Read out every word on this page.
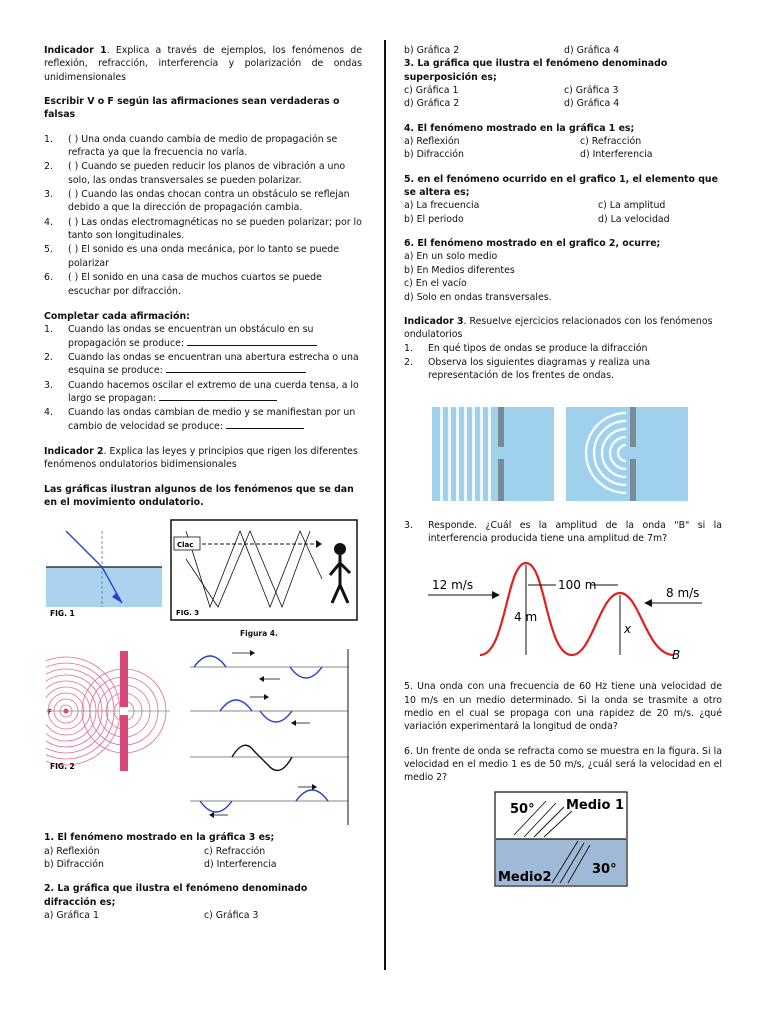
Indicador 1. Explica a través de ejemplos, los fenómenos de reflexión, refracción, interferencia y polarización de ondas unidimensionales

Escribir V o F según las afirmaciones sean verdaderas o falsas

1. ( ) Una onda cuando cambia de medio de propagación se refracta ya que la frecuencia no varía.
2. ( ) Cuando se pueden reducir los planos de vibración a uno solo, las ondas transversales se pueden polarizar.
3. ( ) Cuando las ondas chocan contra un obstáculo se reflejan debido a que la dirección de propagación cambia.
4. ( ) Las ondas electromagnéticas no se pueden polarizar; por lo tanto son longitudinales.
5. ( ) El sonido es una onda mecánica, por lo tanto se puede polarizar
6. ( ) El sonido en una casa de muchos cuartos se puede escuchar por difracción.

Completar cada afirmación:

1. Cuando las ondas se encuentran un obstáculo en su propagación se produce:
2. Cuando las ondas se encuentran una abertura estrecha o una esquina se produce:
3. Cuando hacemos oscilar el extremo de una cuerda tensa, a lo largo se propagan:
4. Cuando las ondas cambian de medio y se manifiestan por un cambio de velocidad se produce:

Indicador 2. Explica las leyes y principios que rigen los diferentes fenómenos ondulatorios bidimensionales

Las gráficas ilustran algunos de los fenómenos que se dan en el movimiento ondulatorio.

FIG. 1
Clac
FIG. 3
Figura 4.
F
FIG. 2

1. El fenómeno mostrado en la gráfica 3 es;

a) Reflexión	c) Refracción
b) Difracción	d) Interferencia

2. La gráfica que ilustra el fenómeno denominado difracción es;

a) Gráfica 1	c) Gráfica 3
b) Gráfica 2	d) Gráfica 4

3. La gráfica que ilustra el fenómeno denominado superposición es;

c) Gráfica 1	c) Gráfica 3
d) Gráfica 2	d) Gráfica 4

4. El fenómeno mostrado en la gráfica 1 es;

a) Reflexión	c) Refracción
b) Difracción	d) Interferencia

5. en el fenómeno ocurrido en el grafico 1, el elemento que se altera es;

a) La frecuencia	c) La amplitud
b) El periodo	d) La velocidad

6. El fenómeno mostrado en el grafico 2, ocurre;

a) En un solo medio

b) En Medios diferentes

c) En el vacío

d) Solo en ondas transversales.

Indicador 3. Resuelve ejercicios relacionados con los fenómenos ondulatorios

1. En qué tipos de ondas se produce la difracción
2. Observa los siguientes diagramas y realiza una representación de los frentes de ondas.
3. Responde. ¿Cuál es la amplitud de la onda "B" si la interferencia producida tiene una amplitud de 7m?
12 m/s	100 m
8 m/s
4 m
x
B

5. Una onda con una frecuencia de 60 Hz tiene una velocidad de 10 m/s en un medio determinado. Si la onda se trasmite a otro medio en el cual se propaga con una rapidez de 20 m/s. ¿qué variación experimentará la longitud de onda?

6. Un frente de onda se refracta como se muestra en la figura. Si la velocidad en el medio 1 es de 50 m/s, ¿cuál será la velocidad en el medio 2?

50° Medio 1
Medio2
30°
